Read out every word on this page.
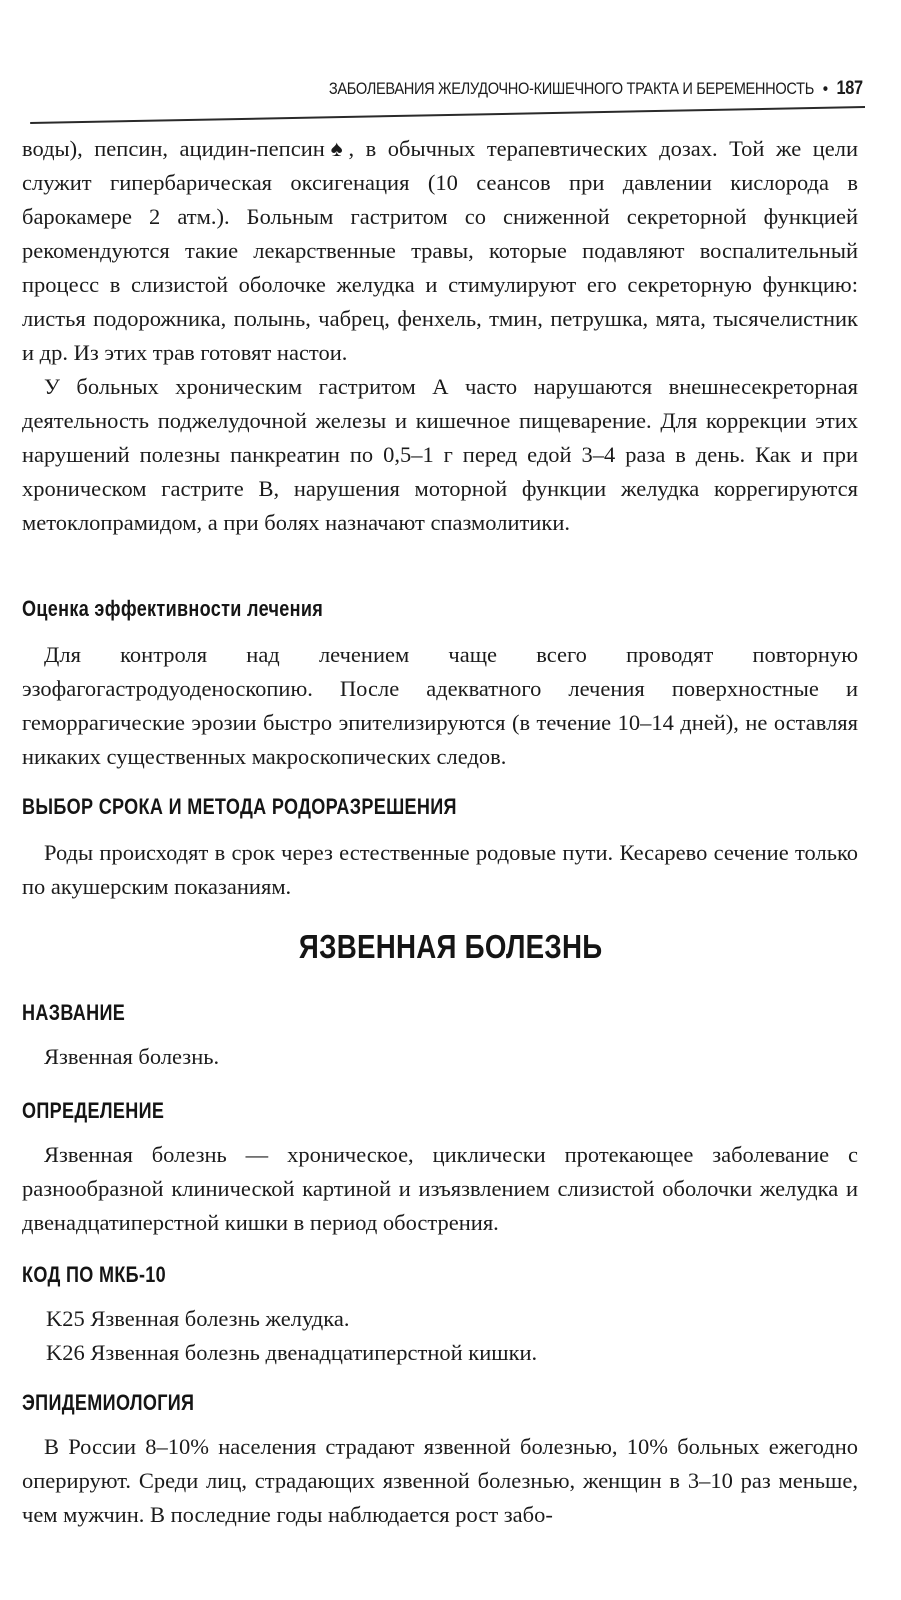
ЗАБОЛЕВАНИЯ ЖЕЛУДОЧНО-КИШЕЧНОГО ТРАКТА И БЕРЕМЕННОСТЬ • 187

воды), пепсин, ацидин-пепсин♠, в обычных терапевтических дозах. Той же цели служит гипербарическая оксигенация (10 сеансов при давлении кислорода в барокамере 2 атм.). Больным гастритом со сниженной секреторной функцией рекомендуются такие лекарственные травы, которые подавляют воспалительный процесс в слизистой оболочке желудка и стимулируют его секреторную функцию: листья подорожника, полынь, чабрец, фенхель, тмин, петрушка, мята, тысячелистник и др. Из этих трав готовят настои.

У больных хроническим гастритом А часто нарушаются внешнесекреторная деятельность поджелудочной железы и кишечное пищеварение. Для коррекции этих нарушений полезны панкреатин по 0,5–1 г перед едой 3–4 раза в день. Как и при хроническом гастрите В, нарушения моторной функции желудка коррегируются метоклопрамидом, а при болях назначают спазмолитики.

Оценка эффективности лечения

Для контроля над лечением чаще всего проводят повторную эзофагогастродуоденоскопию. После адекватного лечения поверхностные и геморрагические эрозии быстро эпителизируются (в течение 10–14 дней), не оставляя никаких существенных макроскопических следов.

ВЫБОР СРОКА И МЕТОДА РОДОРАЗРЕШЕНИЯ

Роды происходят в срок через естественные родовые пути. Кесарево сечение только по акушерским показаниям.

ЯЗВЕННАЯ БОЛЕЗНЬ
НАЗВАНИЕ

Язвенная болезнь.

ОПРЕДЕЛЕНИЕ

Язвенная болезнь — хроническое, циклически протекающее заболевание с разнообразной клинической картиной и изъязвлением слизистой оболочки желудка и двенадцатиперстной кишки в период обострения.

КОД ПО МКБ-10
K25 Язвенная болезнь желудка.
K26 Язвенная болезнь двенадцатиперстной кишки.
ЭПИДЕМИОЛОГИЯ

В России 8–10% населения страдают язвенной болезнью, 10% больных ежегодно оперируют. Среди лиц, страдающих язвенной болезнью, женщин в 3–10 раз меньше, чем мужчин. В последние годы наблюдается рост забо-
